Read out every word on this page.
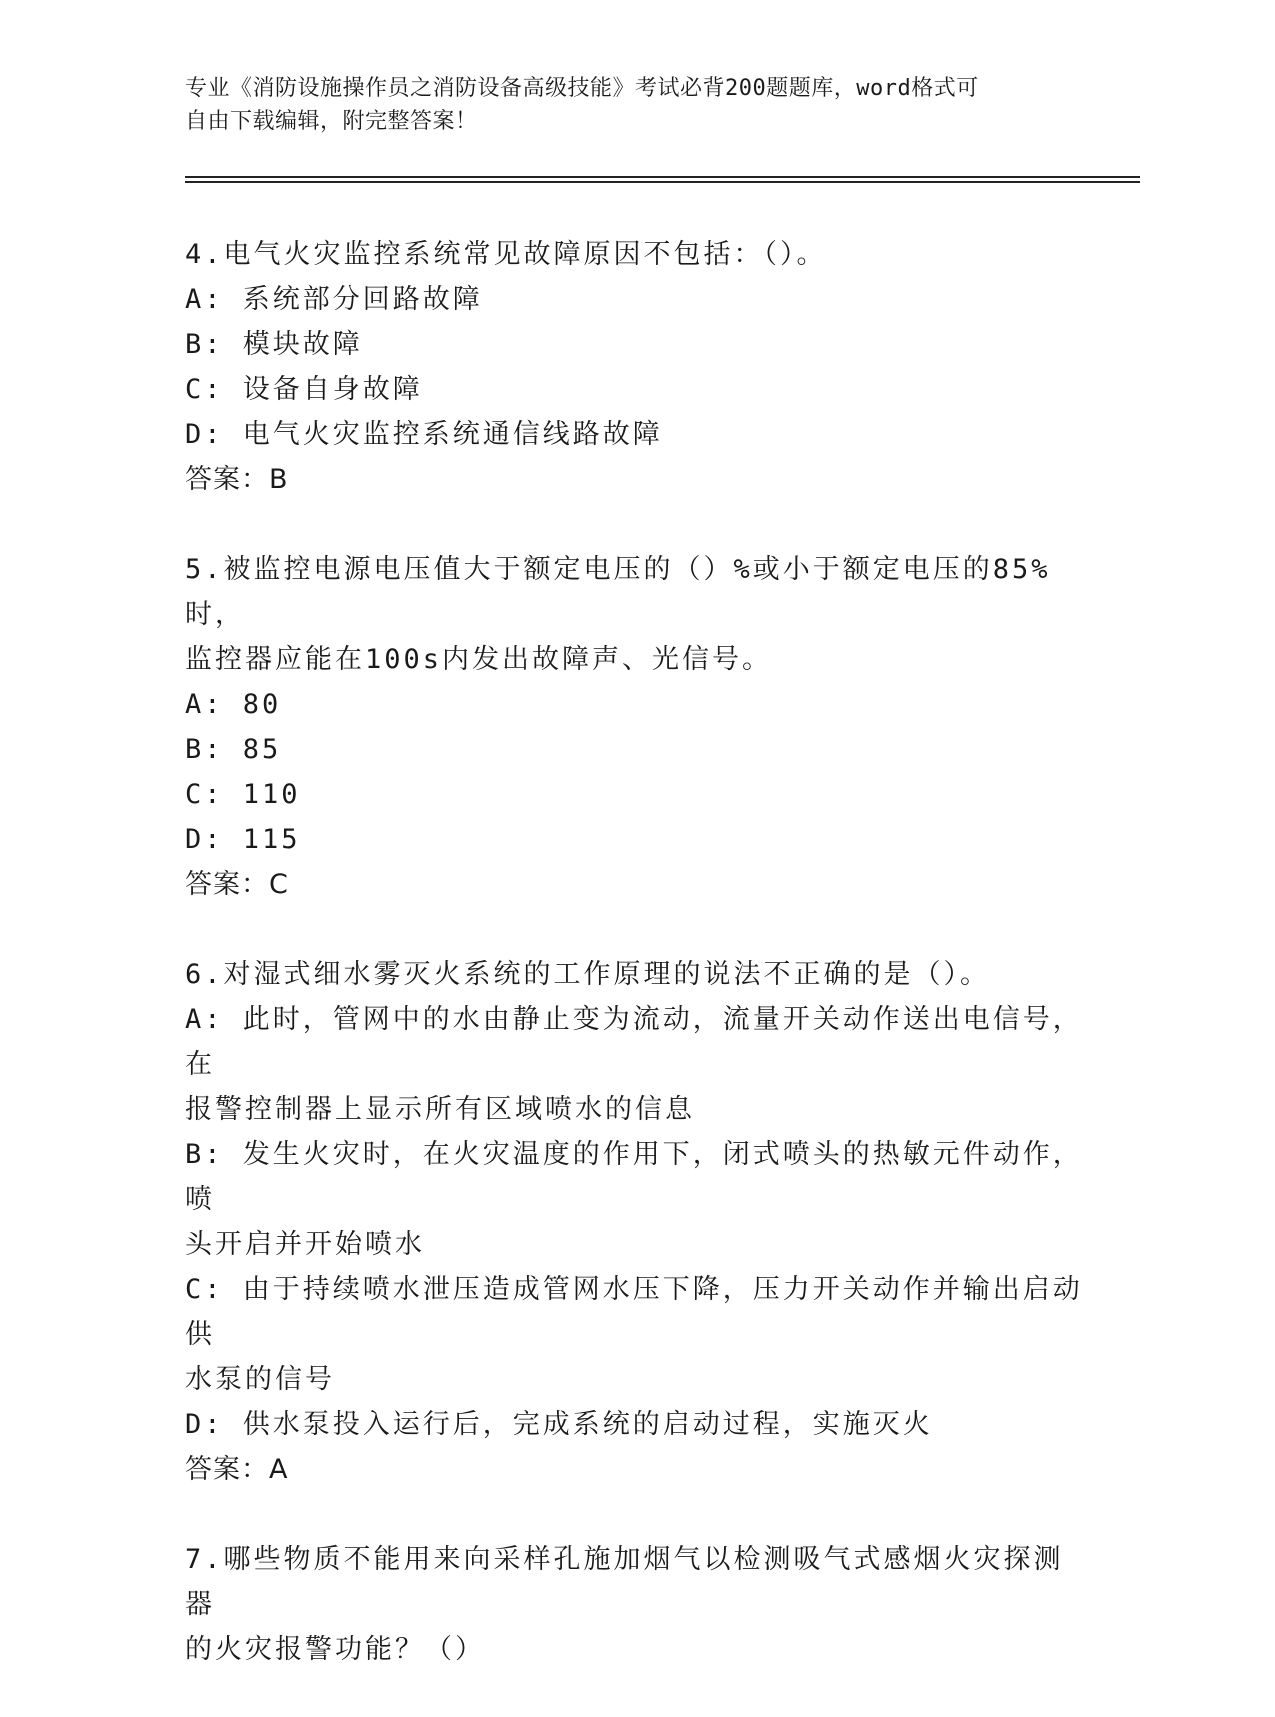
专业《消防设施操作员之消防设备高级技能》考试必背200题题库，word格式可
自由下载编辑，附完整答案！
4.电气火灾监控系统常见故障原因不包括：（）。
A: 系统部分回路故障
B: 模块故障
C: 设备自身故障
D: 电气火灾监控系统通信线路故障
答案：B
5.被监控电源电压值大于额定电压的（）%或小于额定电压的85%时，
监控器应能在100s内发出故障声、光信号。
A: 80
B: 85
C: 110
D: 115
答案：C
6.对湿式细水雾灭火系统的工作原理的说法不正确的是（）。
A: 此时，管网中的水由静止变为流动，流量开关动作送出电信号，在
报警控制器上显示所有区域喷水的信息
B: 发生火灾时，在火灾温度的作用下，闭式喷头的热敏元件动作，喷
头开启并开始喷水
C: 由于持续喷水泄压造成管网水压下降，压力开关动作并输出启动供
水泵的信号
D: 供水泵投入运行后，完成系统的启动过程，实施灭火
答案：A
7.哪些物质不能用来向采样孔施加烟气以检测吸气式感烟火灾探测器
的火灾报警功能？（）
